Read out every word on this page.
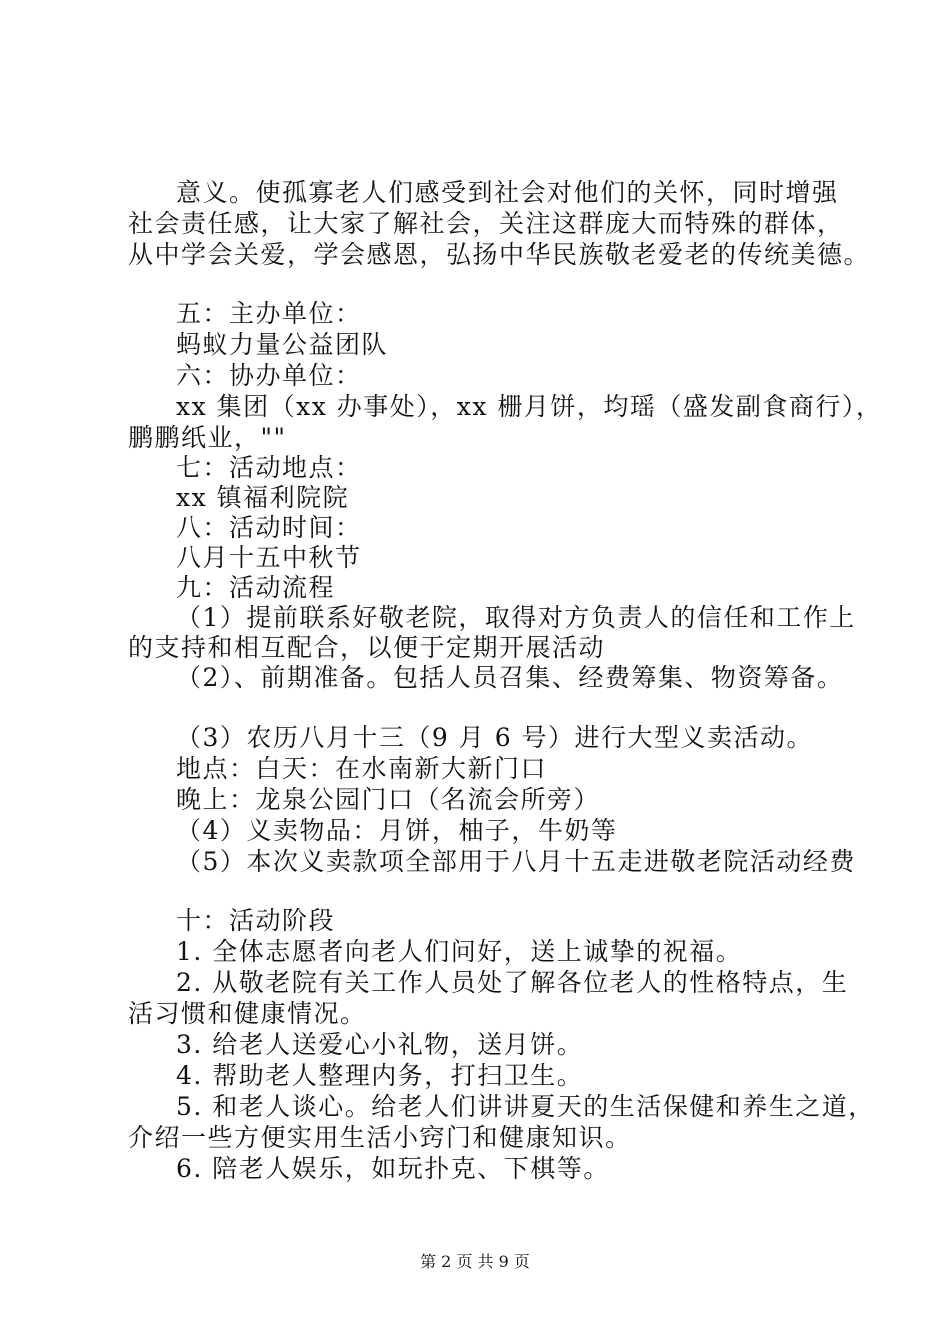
意义。使孤寡老人们感受到社会对他们的关怀，同时增强
社会责任感，让大家了解社会，关注这群庞大而特殊的群体，
从中学会关爱，学会感恩，弘扬中华民族敬老爱老的传统美德。
五：主办单位：
蚂蚁力量公益团队
六：协办单位：
xx 集团（xx 办事处），xx 栅月饼，均瑶（盛发副食商行），
鹏鹏纸业，""
七：活动地点：
xx 镇福利院院
八：活动时间：
八月十五中秋节
九：活动流程
（1）提前联系好敬老院，取得对方负责人的信任和工作上
的支持和相互配合，以便于定期开展活动
（2）、前期准备。包括人员召集、经费筹集、物资筹备。
（3）农历八月十三（9 月 6 号）进行大型义卖活动。
地点：白天：在水南新大新门口
晚上：龙泉公园门口（名流会所旁）
（4）义卖物品：月饼，柚子，牛奶等
（5）本次义卖款项全部用于八月十五走进敬老院活动经费
十：活动阶段
1. 全体志愿者向老人们问好，送上诚挚的祝福。
2. 从敬老院有关工作人员处了解各位老人的性格特点，生
活习惯和健康情况。
3. 给老人送爱心小礼物，送月饼。
4. 帮助老人整理内务，打扫卫生。
5. 和老人谈心。给老人们讲讲夏天的生活保健和养生之道，
介绍一些方便实用生活小窍门和健康知识。
6. 陪老人娱乐，如玩扑克、下棋等。
第 2 页 共 9 页
